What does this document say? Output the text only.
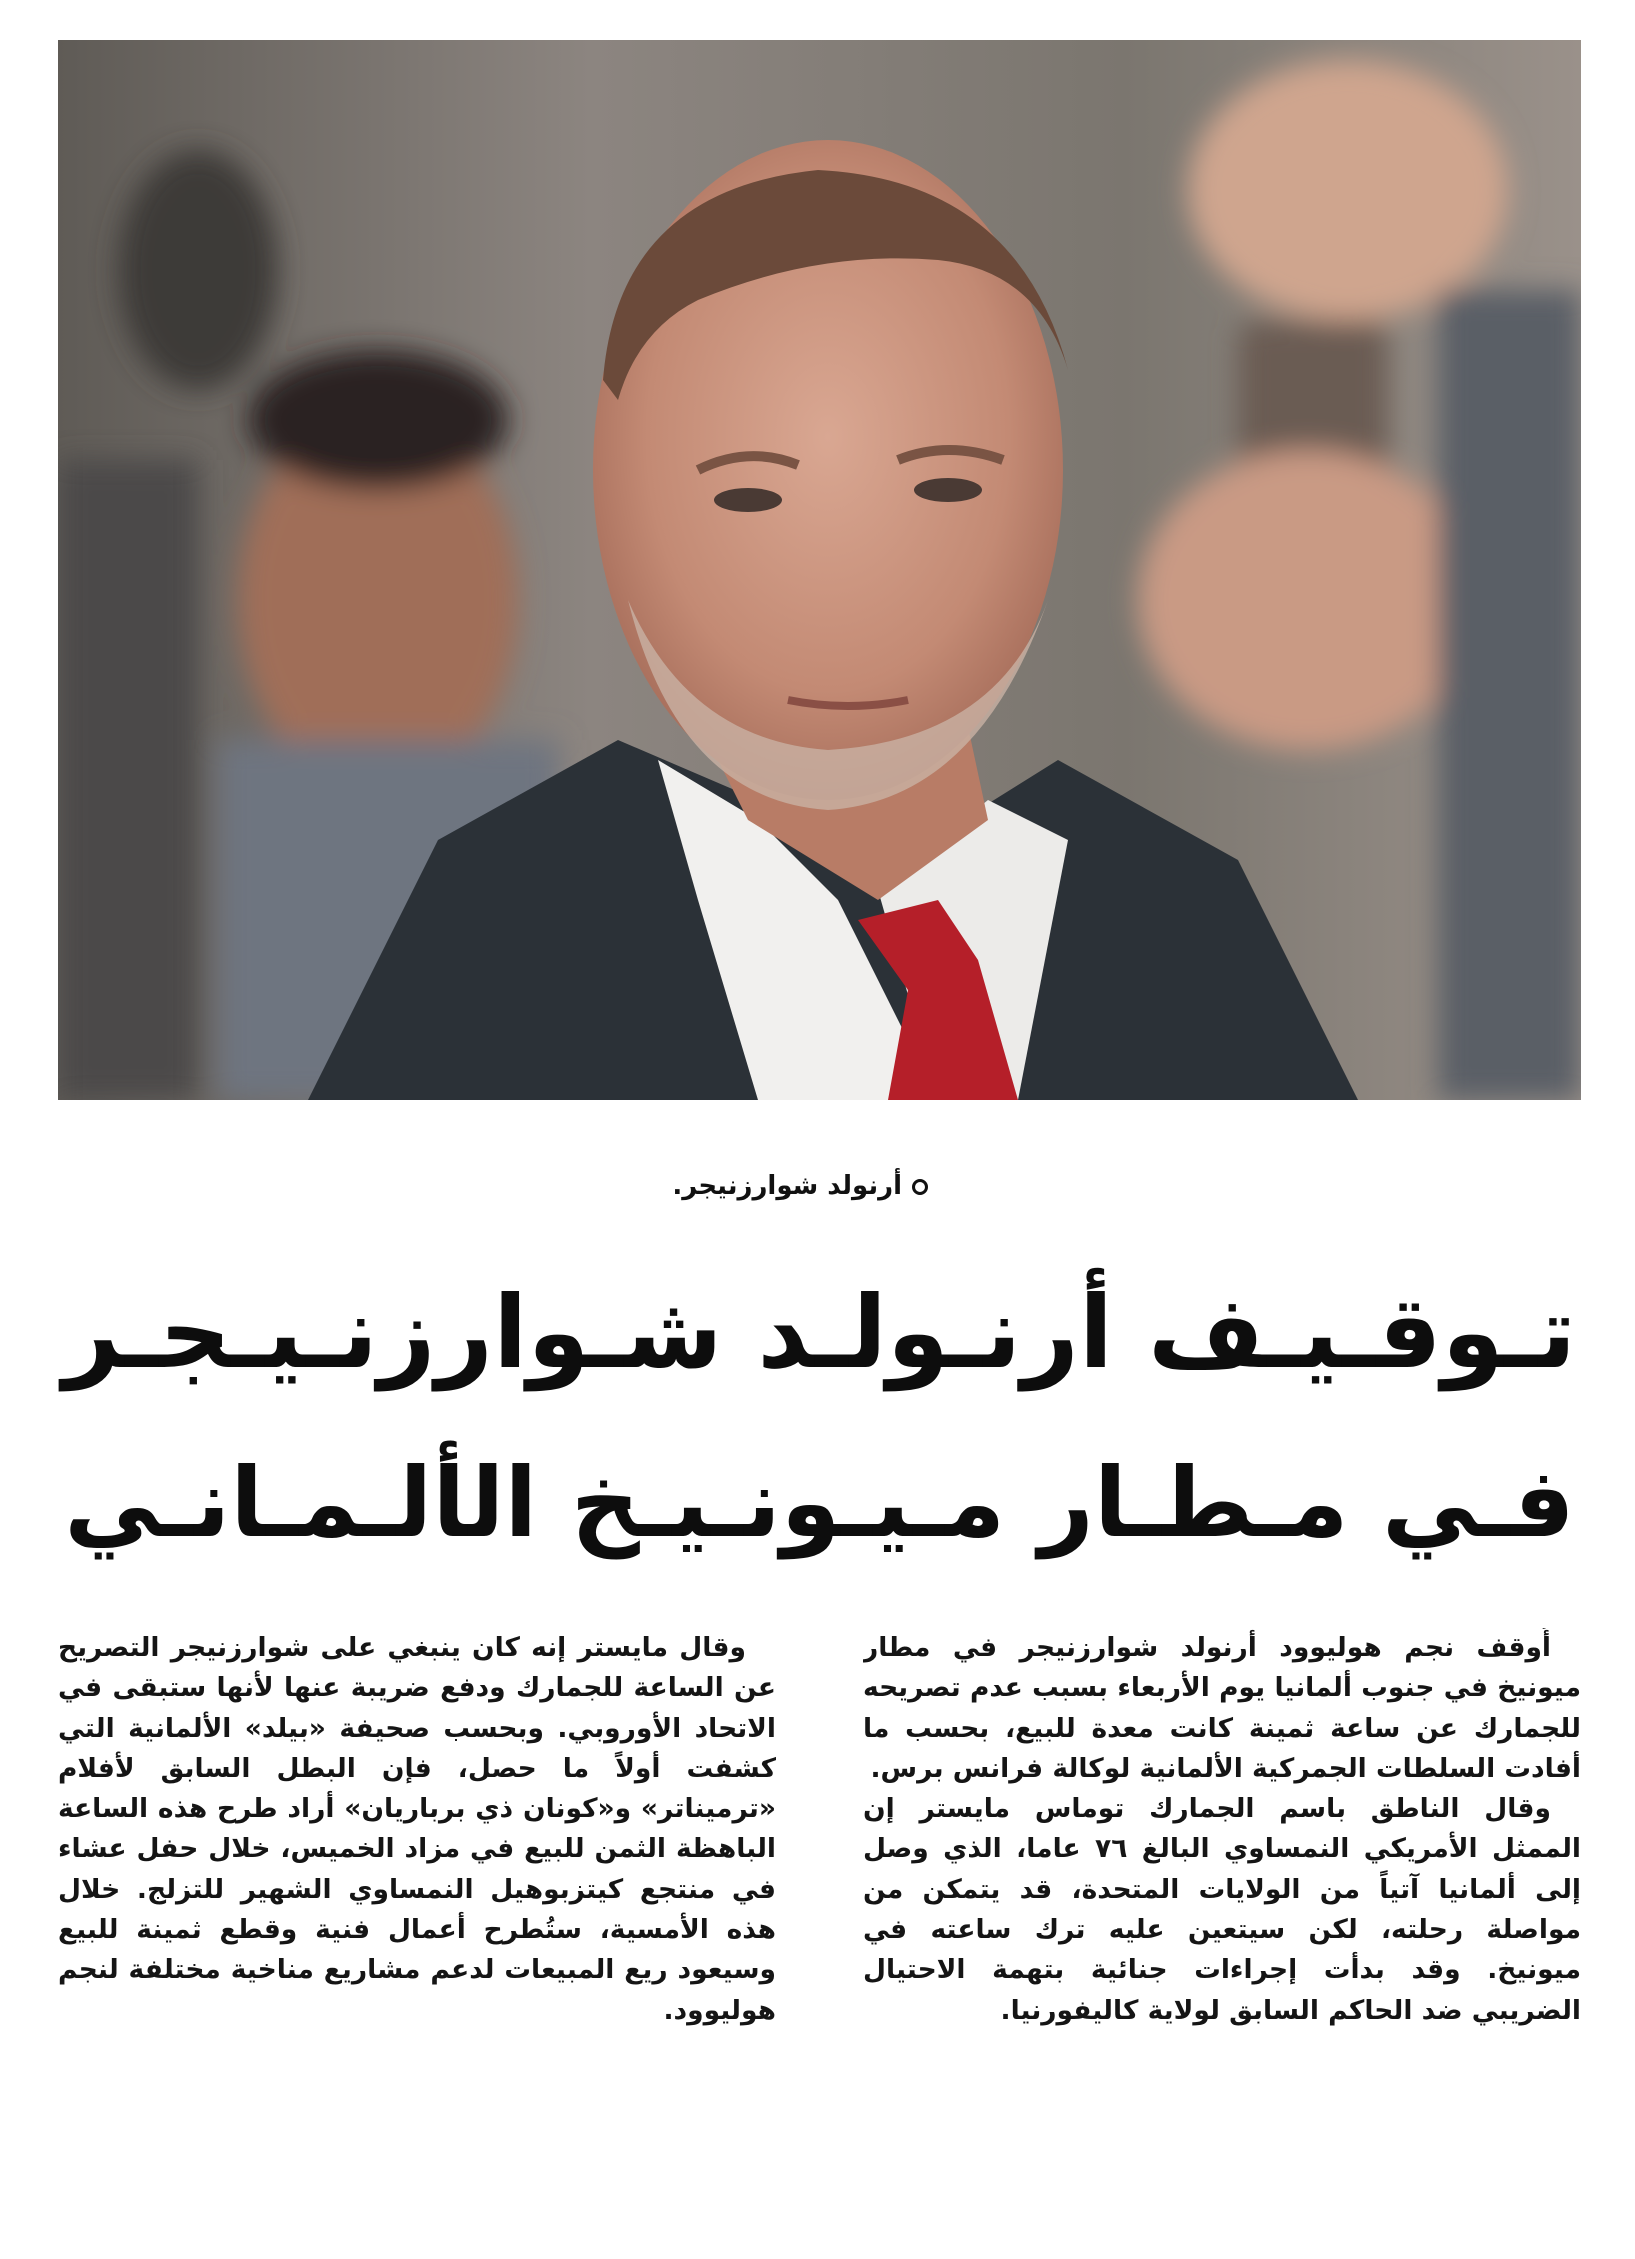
أرنولد شوارزنيجر.
تـوقـيـف أرنـولـد شـوارزنـيـجـر
فـي مـطـار مـيـونـيـخ الألـمـانـي

أُوقف نجم هوليوود أرنولد شوارزنيجر في مطار ميونيخ في جنوب ألمانيا يوم الأربعاء بسبب عدم تصريحه للجمارك عن ساعة ثمينة كانت معدة للبيع، بحسب ما أفادت السلطات الجمركية الألمانية لوكالة فرانس برس.

وقال الناطق باسم الجمارك توماس مايستر إن الممثل الأمريكي النمساوي البالغ ٧٦ عاما، الذي وصل إلى ألمانيا آتياً من الولايات المتحدة، قد يتمكن من مواصلة رحلته، لكن سيتعين عليه ترك ساعته في ميونيخ. وقد بدأت إجراءات جنائية بتهمة الاحتيال الضريبي ضد الحاكم السابق لولاية كاليفورنيا.

وقال مايستر إنه كان ينبغي على شوارزنيجر التصريح عن الساعة للجمارك ودفع ضريبة عنها لأنها ستبقى في الاتحاد الأوروبي. وبحسب صحيفة «بيلد» الألمانية التي كشفت أولاً ما حصل، فإن البطل السابق لأفلام «ترميناتر» و«كونان ذي برباريان» أراد طرح هذه الساعة الباهظة الثمن للبيع في مزاد الخميس، خلال حفل عشاء في منتجع كيتزبوهيل النمساوي الشهير للتزلج. خلال هذه الأمسية، ستُطرح أعمال فنية وقطع ثمينة للبيع وسيعود ريع المبيعات لدعم مشاريع مناخية مختلفة لنجم هوليوود.
